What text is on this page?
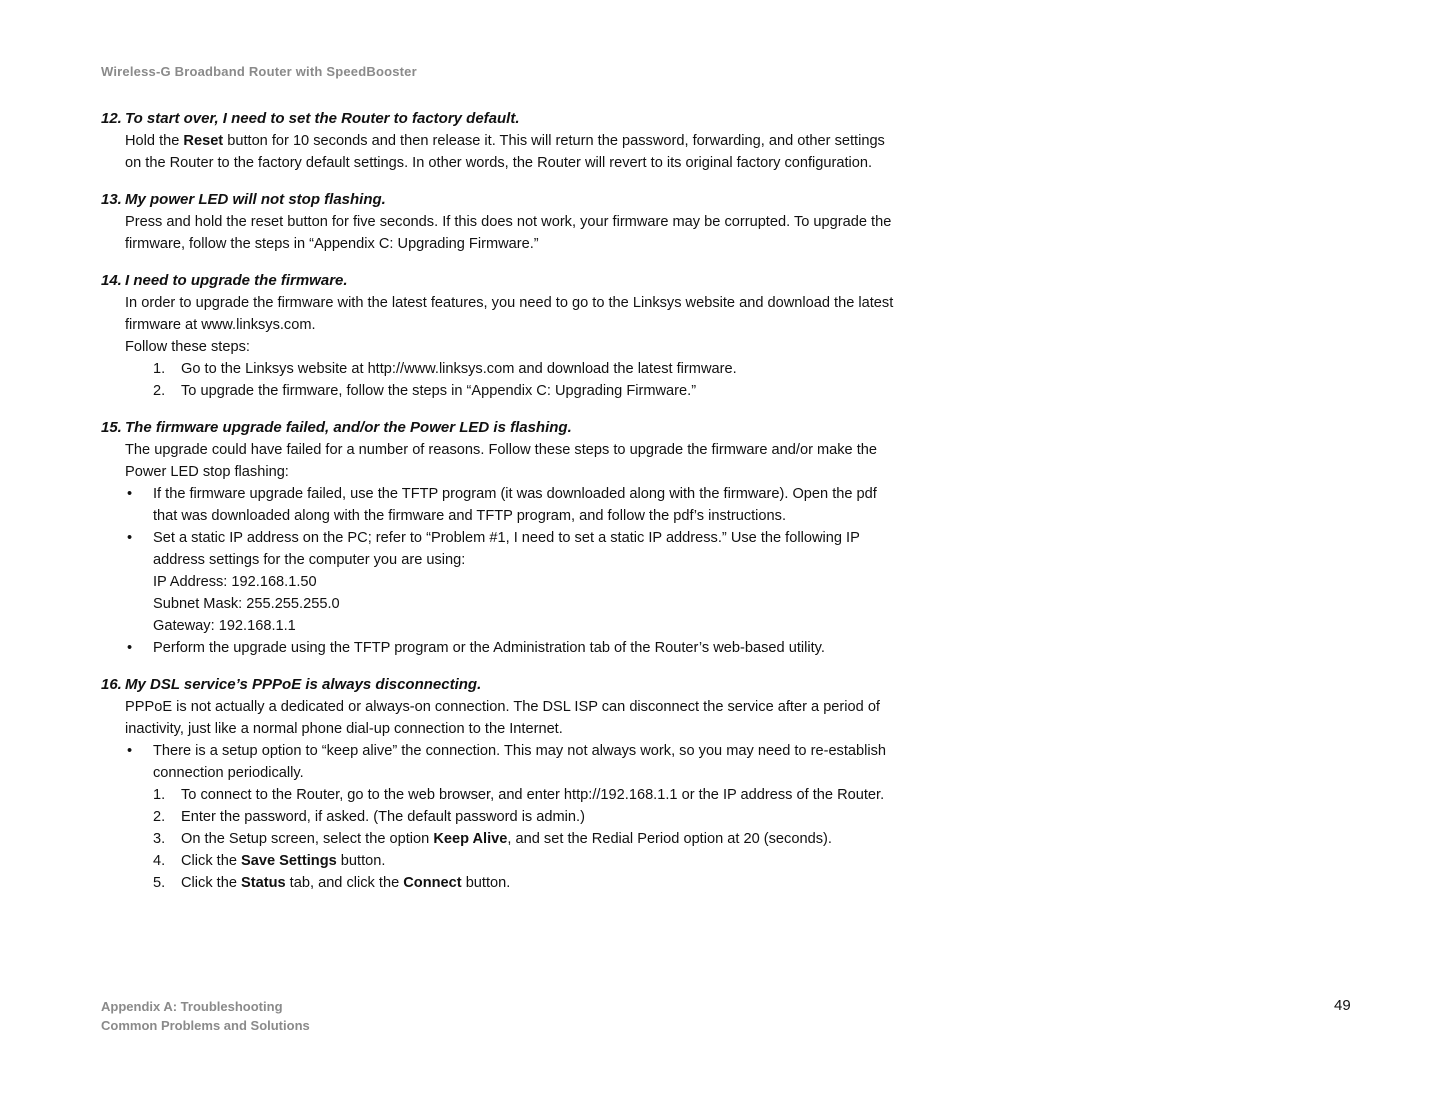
Wireless-G Broadband Router with SpeedBooster

12. To start over, I need to set the Router to factory default.

Hold the Reset button for 10 seconds and then release it. This will return the password, forwarding, and other settings on the Router to the factory default settings. In other words, the Router will revert to its original factory configuration.

13. My power LED will not stop flashing.

Press and hold the reset button for five seconds. If this does not work, your firmware may be corrupted. To upgrade the firmware, follow the steps in “Appendix C: Upgrading Firmware.”

14. I need to upgrade the firmware.

In order to upgrade the firmware with the latest features, you need to go to the Linksys website and download the latest firmware at www.linksys.com.

Follow these steps:

1. Go to the Linksys website at http://www.linksys.com and download the latest firmware.
2. To upgrade the firmware, follow the steps in “Appendix C: Upgrading Firmware.”

15. The firmware upgrade failed, and/or the Power LED is flashing.

The upgrade could have failed for a number of reasons. Follow these steps to upgrade the firmware and/or make the Power LED stop flashing:

• If the firmware upgrade failed, use the TFTP program (it was downloaded along with the firmware). Open the pdf that was downloaded along with the firmware and TFTP program, and follow the pdf’s instructions.
• Set a static IP address on the PC; refer to “Problem #1, I need to set a static IP address.” Use the following IP address settings for the computer you are using:
IP Address: 192.168.1.50
Subnet Mask: 255.255.255.0
Gateway: 192.168.1.1
• Perform the upgrade using the TFTP program or the Administration tab of the Router’s web-based utility.

16. My DSL service’s PPPoE is always disconnecting.

PPPoE is not actually a dedicated or always-on connection. The DSL ISP can disconnect the service after a period of inactivity, just like a normal phone dial-up connection to the Internet.

• There is a setup option to “keep alive” the connection. This may not always work, so you may need to re-establish connection periodically.
1. To connect to the Router, go to the web browser, and enter http://192.168.1.1 or the IP address of the Router.
2. Enter the password, if asked. (The default password is admin.)
3. On the Setup screen, select the option Keep Alive, and set the Redial Period option at 20 (seconds).
4. Click the Save Settings button.
5. Click the Status tab, and click the Connect button.
Appendix A: Troubleshooting
Common Problems and Solutions
49
